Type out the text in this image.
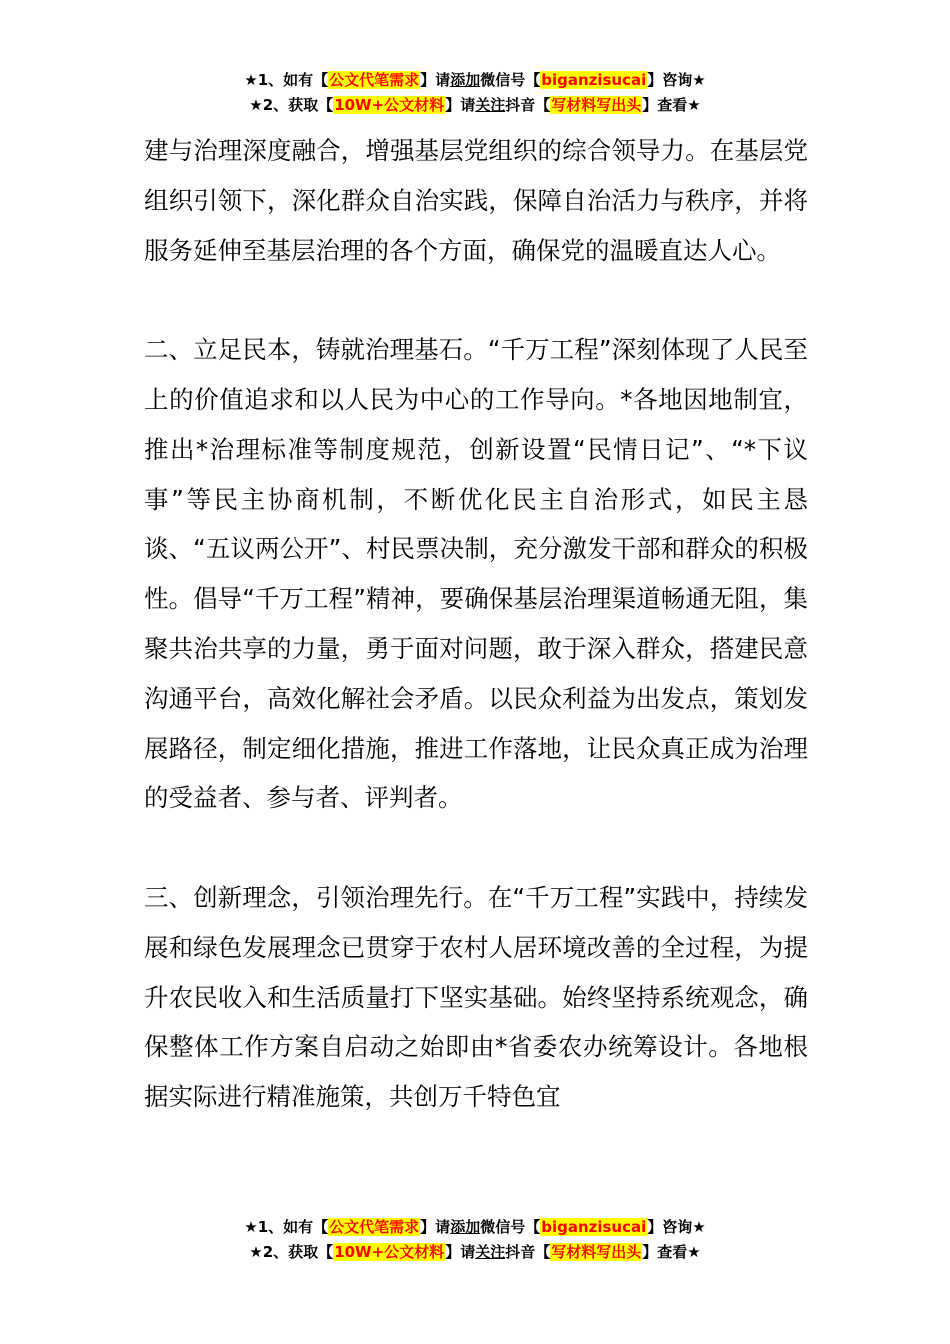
★1、如有【公文代笔需求】请添加微信号【biganzisucai】咨询★
★2、获取【10W+公文材料】请关注抖音【写材料写出头】查看★

建与治理深度融合，增强基层党组织的综合领导力。在基层党组织引领下，深化群众自治实践，保障自治活力与秩序，并将服务延伸至基层治理的各个方面，确保党的温暖直达人心。

二、立足民本，铸就治理基石。“千万工程”深刻体现了人民至上的价值追求和以人民为中心的工作导向。*各地因地制宜，推出*治理标准等制度规范，创新设置“民情日记”、“*下议事”等民主协商机制，不断优化民主自治形式，如民主恳谈、“五议两公开”、村民票决制，充分激发干部和群众的积极性。倡导“千万工程”精神，要确保基层治理渠道畅通无阻，集聚共治共享的力量，勇于面对问题，敢于深入群众，搭建民意沟通平台，高效化解社会矛盾。以民众利益为出发点，策划发展路径，制定细化措施，推进工作落地，让民众真正成为治理的受益者、参与者、评判者。

三、创新理念，引领治理先行。在“千万工程”实践中，持续发展和绿色发展理念已贯穿于农村人居环境改善的全过程，为提升农民收入和生活质量打下坚实基础。始终坚持系统观念，确保整体工作方案自启动之始即由*省委农办统筹设计。各地根据实际进行精准施策，共创万千特色宜

★1、如有【公文代笔需求】请添加微信号【biganzisucai】咨询★
★2、获取【10W+公文材料】请关注抖音【写材料写出头】查看★
